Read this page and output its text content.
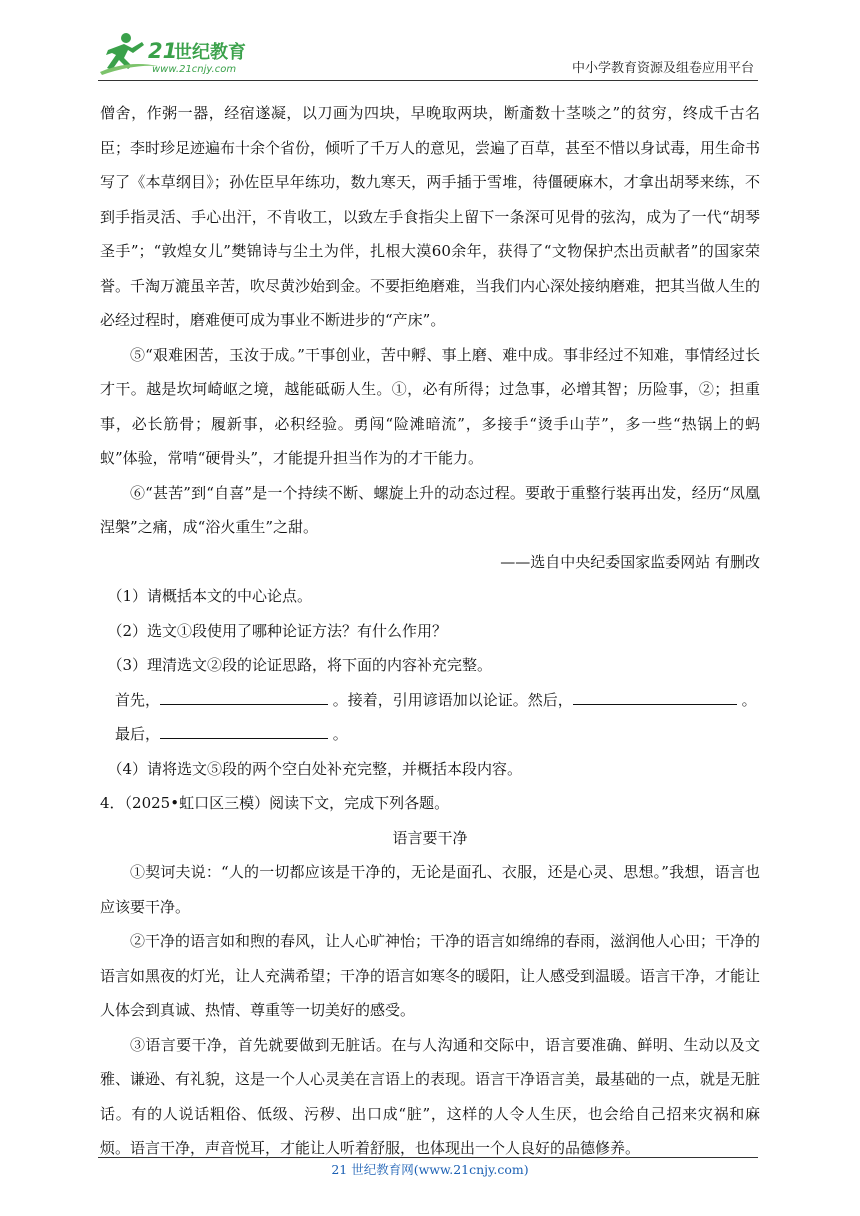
21
世纪教育
www.21cnjy.com	中小学教育资源及组卷应用平台

僧舍，作粥一器，经宿遂凝，以刀画为四块，早晚取两块，断齑数十茎啖之”的贫穷，终成千古名臣；李时珍足迹遍布十余个省份，倾听了千万人的意见，尝遍了百草，甚至不惜以身试毒，用生命书写了《本草纲目》；孙佐臣早年练功，数九寒天，两手插于雪堆，待僵硬麻木，才拿出胡琴来练，不到手指灵活、手心出汗，不肯收工，以致左手食指尖上留下一条深可见骨的弦沟，成为了一代“胡琴圣手”；“敦煌女儿”樊锦诗与尘土为伴，扎根大漠60余年，获得了“文物保护杰出贡献者”的国家荣誉。千淘万漉虽辛苦，吹尽黄沙始到金。不要拒绝磨难，当我们内心深处接纳磨难，把其当做人生的必经过程时，磨难便可成为事业不断进步的“产床”。

⑤“艰难困苦，玉汝于成。”干事创业，苦中孵、事上磨、难中成。事非经过不知难，事情经过长才干。越是坎坷崎岖之境，越能砥砺人生。①，必有所得；过急事，必增其智；历险事，②；担重事，必长筋骨；履新事，必积经验。勇闯“险滩暗流”，多接手“烫手山芋”，多一些“热锅上的蚂蚁”体验，常啃“硬骨头”，才能提升担当作为的才干能力。

⑥“甚苦”到“自喜”是一个持续不断、螺旋上升的动态过程。要敢于重整行装再出发，经历“凤凰涅槃”之痛，成“浴火重生”之甜。

——选自中央纪委国家监委网站 有删改

（1）请概括本文的中心论点。

（2）选文①段使用了哪种论证方法？有什么作用？

（3）理清选文②段的论证思路，将下面的内容补充完整。

首先，	。接着，引用谚语加以论证。然后，	。

最后，	。

（4）请将选文⑤段的两个空白处补充完整，并概括本段内容。

4．（2025•虹口区三模）阅读下文，完成下列各题。

语言要干净

①契诃夫说：“人的一切都应该是干净的，无论是面孔、衣服，还是心灵、思想。”我想，语言也应该要干净。

②干净的语言如和煦的春风，让人心旷神怡；干净的语言如绵绵的春雨，滋润他人心田；干净的语言如黑夜的灯光，让人充满希望；干净的语言如寒冬的暖阳，让人感受到温暖。语言干净，才能让人体会到真诚、热情、尊重等一切美好的感受。

③语言要干净，首先就要做到无脏话。在与人沟通和交际中，语言要准确、鲜明、生动以及文雅、谦逊、有礼貌，这是一个人心灵美在言语上的表现。语言干净语言美，最基础的一点，就是无脏话。有的人说话粗俗、低级、污秽、出口成“脏”，这样的人令人生厌，也会给自己招来灾祸和麻烦。语言干净，声音悦耳，才能让人听着舒服，也体现出一个人良好的品德修养。

21 世纪教育网(www.21cnjy.com)
